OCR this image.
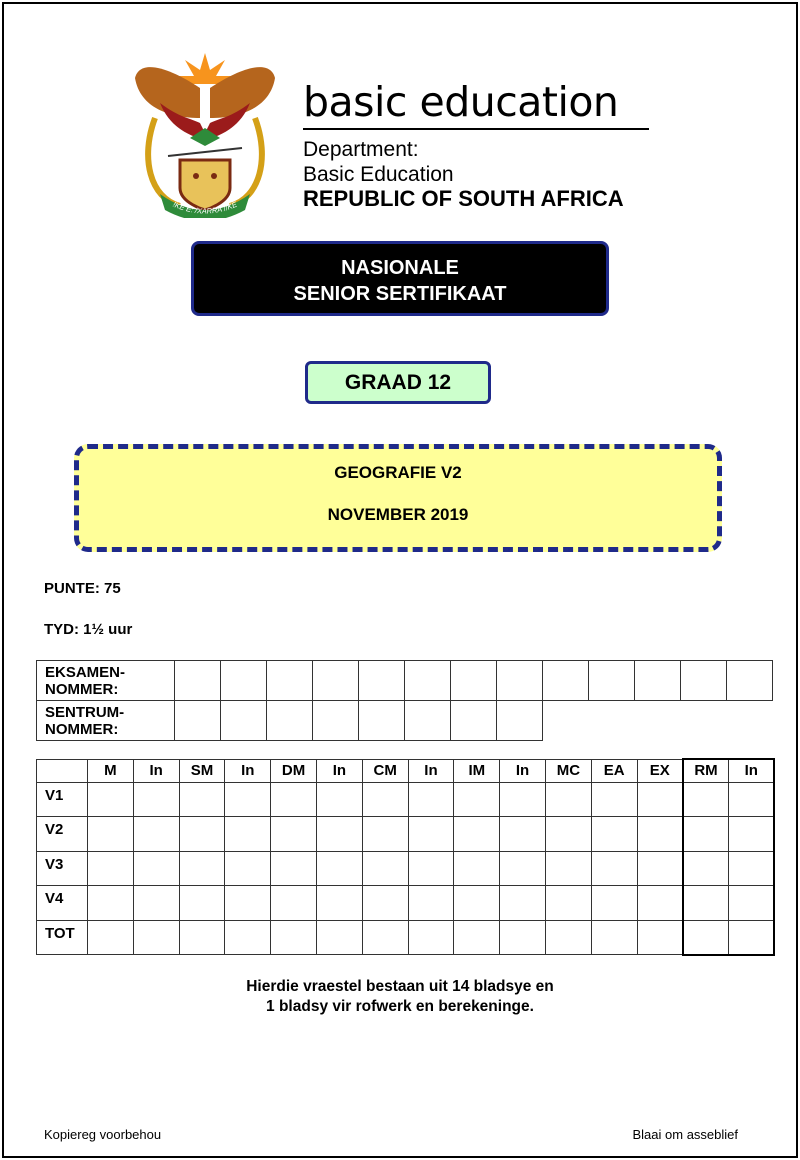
!KE E: /XARRA //KE
basic education
Department:
Basic Education
REPUBLIC OF SOUTH AFRICA
NASIONALE
SENIOR SERTIFIKAAT
GRAAD 12
GEOGRAFIE V2
NOVEMBER 2019
PUNTE: 75
TYD: 1½ uur
EKSAMEN-
NOMMER:													
SENTRUM-
NOMMER:													
	M	In	SM	In	DM	In	CM	In	IM	In	MC	EA	EX	RM	In
V1															
V2															
V3															
V4															
TOT															
Hierdie vraestel bestaan uit 14 bladsye en
1 bladsy vir rofwerk en berekeninge.
Kopiereg voorbehou	Blaai om asseblief
